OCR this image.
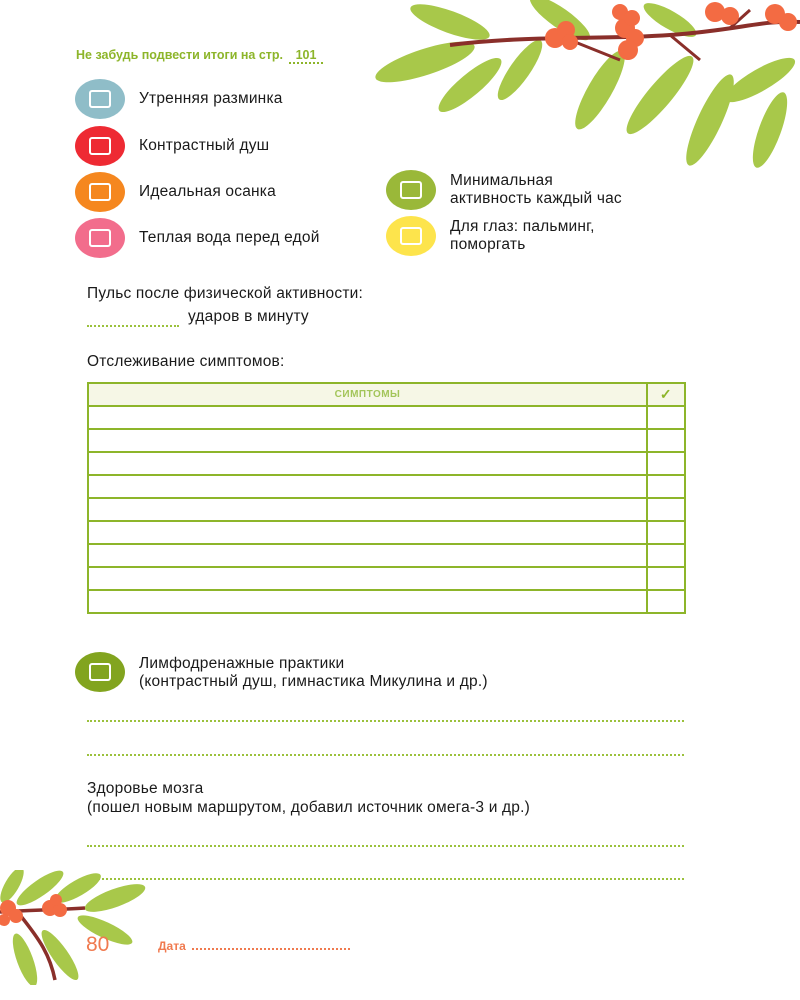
Не забудь подвести итоги на стр. 101
Утренняя разминка
Контрастный душ
Идеальная осанка
Теплая вода перед едой
Минимальная
активность каждый час
Для глаз: пальминг,
поморгать
Пульс после физической активности:
ударов в минуту
Отслеживание симптомов:
СИМПТОМЫ	✓

Лимфодренажные практики
(контрастный душ, гимнастика Микулина и др.)
Здоровье мозга
(пошел новым маршрутом, добавил источник омега-3 и др.)
80	Дата
